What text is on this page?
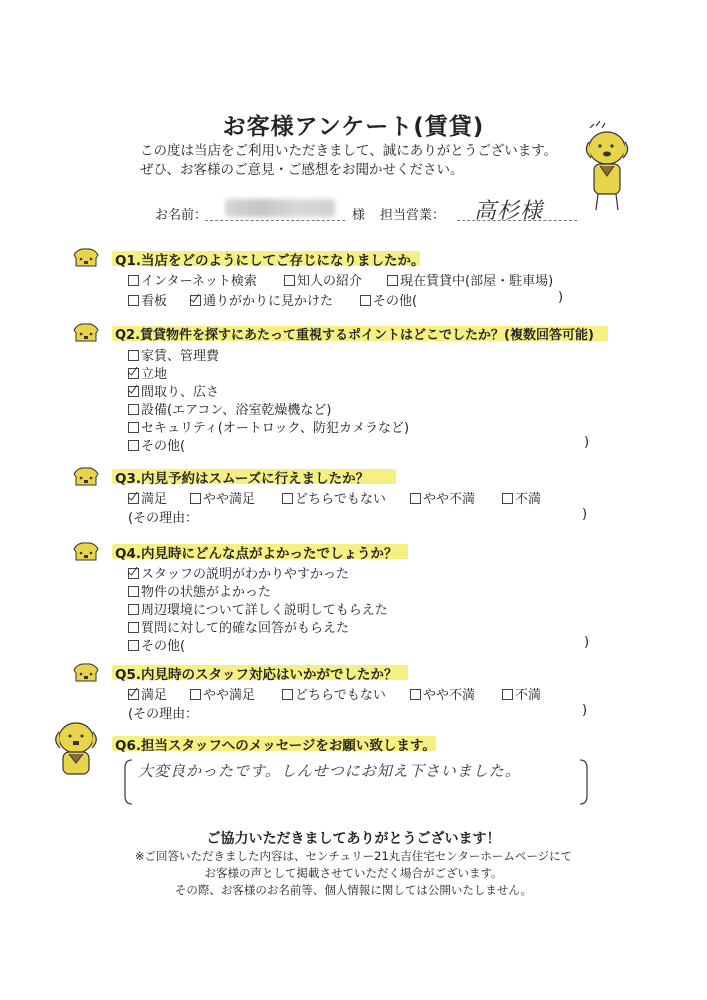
お客様アンケート(賃貸)
この度は当店をご利用いただきまして、誠にありがとうございます。
ぜひ、お客様のご意見・ご感想をお聞かせください。
お名前：	様 担当営業： 高杉様
Q1.当店をどのようにしてご存じになりましたか。
インターネット検索	知人の紹介	現在賃貸中(部屋・駐車場)
看板	通りがかりに見かけた	その他(	)
Q2.賃貸物件を探すにあたって重視するポイントはどこでしたか？(複数回答可能)
家賃、管理費
立地
間取り、広さ
設備(エアコン、浴室乾燥機など)
セキュリティ(オートロック、防犯カメラなど)
その他(	)
Q3.内見予約はスムーズに行えましたか？
満足	やや満足	どちらでもない	やや不満	不満
(その理由：	)
Q4.内見時にどんな点がよかったでしょうか？
スタッフの説明がわかりやすかった
物件の状態がよかった
周辺環境について詳しく説明してもらえた
質問に対して的確な回答がもらえた
その他(	)
Q5.内見時のスタッフ対応はいかがでしたか？
満足	やや満足	どちらでもない	やや不満	不満
(その理由：	)
Q6.担当スタッフへのメッセージをお願い致します。
大変良かったです。しんせつにお知え下さいました。
ご協力いただきましてありがとうございます！
※ご回答いただきました内容は、センチュリー21丸吉住宅センターホームページにて
お客様の声として掲載させていただく場合がございます。
その際、お客様のお名前等、個人情報に関しては公開いたしません。
